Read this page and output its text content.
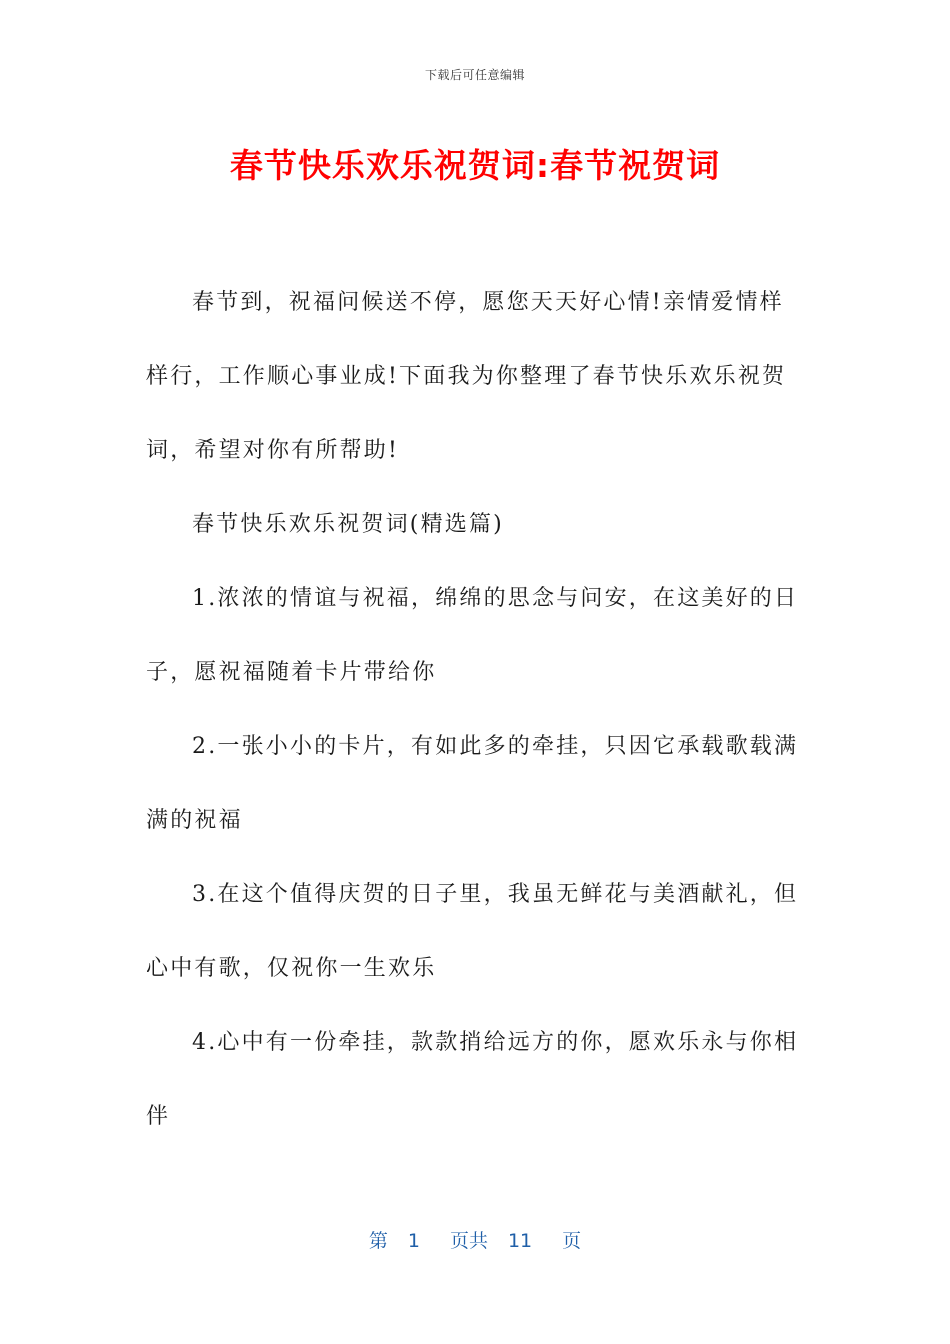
下载后可任意编辑
春节快乐欢乐祝贺词:春节祝贺词

春节到，祝福问候送不停，愿您天天好心情!亲情爱情样样行，工作顺心事业成!下面我为你整理了春节快乐欢乐祝贺词，希望对你有所帮助!

春节快乐欢乐祝贺词(精选篇)

1.浓浓的情谊与祝福，绵绵的思念与问安，在这美好的日子，愿祝福随着卡片带给你

2.一张小小的卡片，有如此多的牵挂，只因它承载歌载满满的祝福

3.在这个值得庆贺的日子里，我虽无鲜花与美酒献礼，但心中有歌，仅祝你一生欢乐

4.心中有一份牵挂，款款捎给远方的你，愿欢乐永与你相伴

第 1 页共 11 页
